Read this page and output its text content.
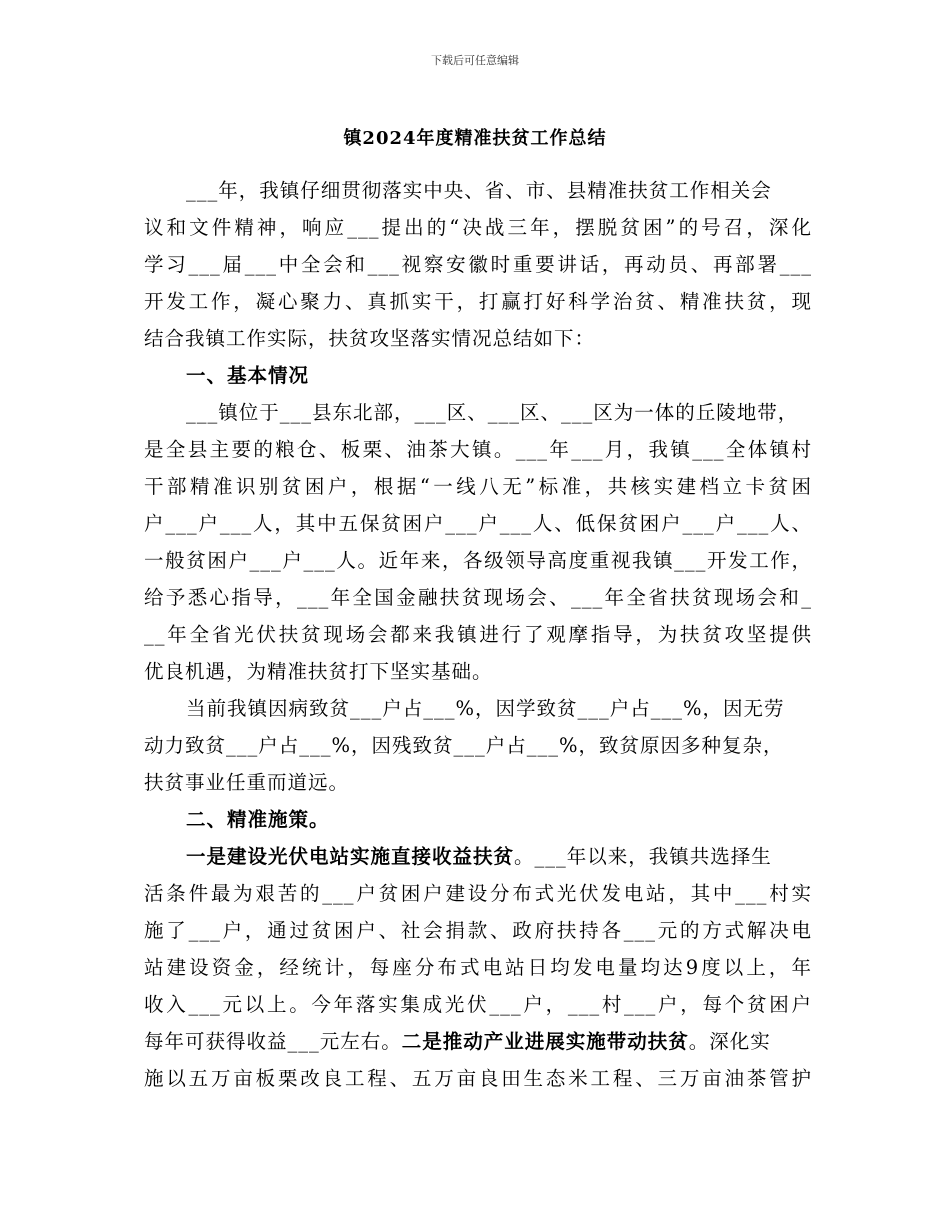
下载后可任意编辑
镇2024年度精准扶贫工作总结
___年，我镇仔细贯彻落实中央、省、市、县精准扶贫工作相关会
议和文件精神，响应___提出的“决战三年，摆脱贫困”的号召，深化
学习___届___中全会和___视察安徽时重要讲话，再动员、再部署___
开发工作，凝心聚力、真抓实干，打赢打好科学治贫、精准扶贫，现
结合我镇工作实际，扶贫攻坚落实情况总结如下：
一、基本情况
___镇位于___县东北部，___区、___区、___区为一体的丘陵地带，
是全县主要的粮仓、板栗、油茶大镇。___年___月，我镇___全体镇村
干部精准识别贫困户，根据“一线八无”标准，共核实建档立卡贫困
户___户___人，其中五保贫困户___户___人、低保贫困户___户___人、
一般贫困户___户___人。近年来，各级领导高度重视我镇___开发工作，
给予悉心指导，___年全国金融扶贫现场会、___年全省扶贫现场会和_
__年全省光伏扶贫现场会都来我镇进行了观摩指导，为扶贫攻坚提供
优良机遇，为精准扶贫打下坚实基础。
当前我镇因病致贫___户占___%，因学致贫___户占___%，因无劳
动力致贫___户占___%，因残致贫___户占___%，致贫原因多种复杂，
扶贫事业任重而道远。
二、精准施策。
一是建设光伏电站实施直接收益扶贫。___年以来，我镇共选择生
活条件最为艰苦的___户贫困户建设分布式光伏发电站，其中___村实
施了___户，通过贫困户、社会捐款、政府扶持各___元的方式解决电
站建设资金，经统计，每座分布式电站日均发电量均达9度以上，年
收入___元以上。今年落实集成光伏___户，___村___户，每个贫困户
每年可获得收益___元左右。二是推动产业进展实施带动扶贫。深化实
施以五万亩板栗改良工程、五万亩良田生态米工程、三万亩油茶管护
